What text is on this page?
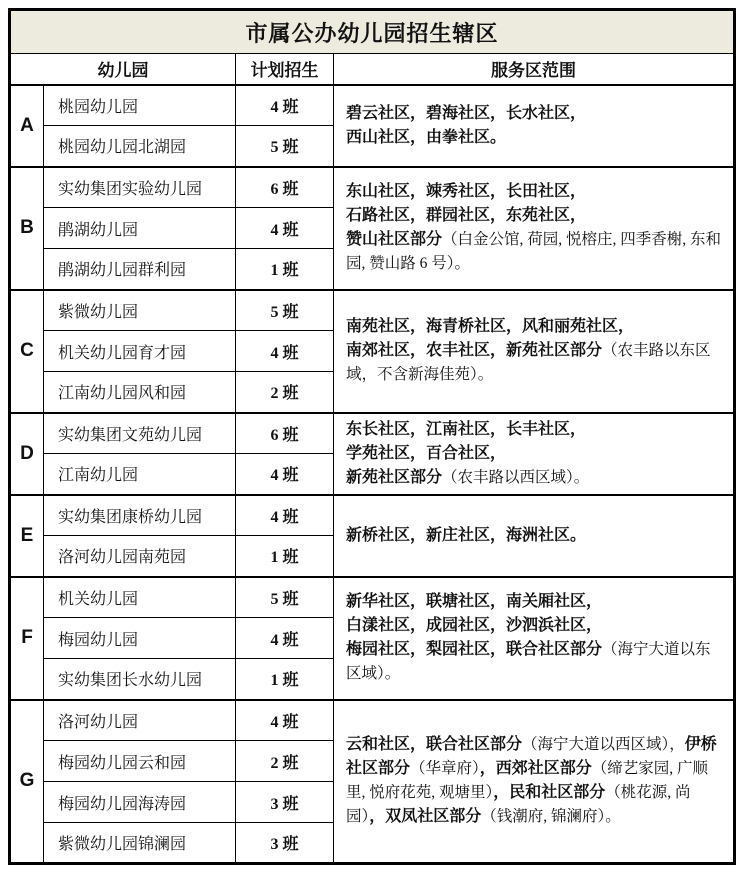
市属公办幼儿园招生辖区			
幼儿园		计划招生	服务区范围
A	桃园幼儿园	4 班	碧云社区，碧海社区，长水社区，
西山社区，由拳社区。
	桃园幼儿园北湖园	5 班	
B	实幼集团实验幼儿园	6 班	东山社区，竦秀社区，长田社区，
石路社区，群园社区，东苑社区，
赞山社区部分（白金公馆, 荷园, 悦榕庄, 四季香榭, 东和园, 赞山路 6 号）。
	鹃湖幼儿园	4 班	
	鹃湖幼儿园群利园	1 班	
C	紫微幼儿园	5 班	南苑社区，海青桥社区，风和丽苑社区，
南郊社区，农丰社区，新苑社区部分（农丰路以东区域，不含新海佳苑）。
	机关幼儿园育才园	4 班	
	江南幼儿园风和园	2 班	
D	实幼集团文苑幼儿园	6 班	东长社区，江南社区，长丰社区，
学苑社区，百合社区，
新苑社区部分（农丰路以西区域）。
	江南幼儿园	4 班	
E	实幼集团康桥幼儿园	4 班	新桥社区，新庄社区，海洲社区。
	洛河幼儿园南苑园	1 班	
F	机关幼儿园	5 班	新华社区，联塘社区，南关厢社区，
白漾社区，成园社区，沙泗浜社区，
梅园社区，梨园社区，联合社区部分（海宁大道以东区域）。
	梅园幼儿园	4 班	
	实幼集团长水幼儿园	1 班	
G	洛河幼儿园	4 班	云和社区，联合社区部分（海宁大道以西区域），伊桥社区部分（华章府），西郊社区部分（缔艺家园, 广顺里, 悦府花苑, 观塘里），民和社区部分（桃花源, 尚园），双凤社区部分（钱潮府, 锦澜府）。
	梅园幼儿园云和园	2 班	
	梅园幼儿园海涛园	3 班	
	紫微幼儿园锦澜园	3 班	
